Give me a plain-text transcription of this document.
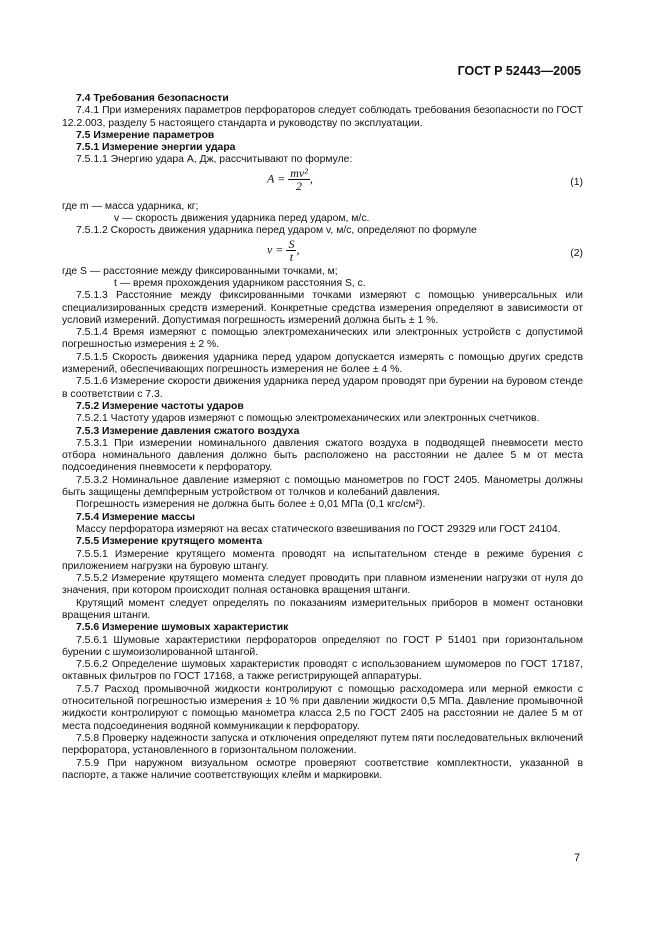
ГОСТ Р 52443—2005

7.4 Требования безопасности

7.4.1 При измерениях параметров перфораторов следует соблюдать требования безопасности по ГОСТ 12.2.003, разделу 5 настоящего стандарта и руководству по эксплуатации.

7.5 Измерение параметров

7.5.1 Измерение энергии удара

7.5.1.1 Энергию удара A, Дж, рассчитывают по формуле:

$A = \frac{\text{mv²}}{2}$ ,	(1)

где m — масса ударника, кг;

v — скорость движения ударника перед ударом, м/с.

7.5.1.2 Скорость движения ударника перед ударом v, м/с, определяют по формуле

$v = \frac{S}{t}$ ,	(2)

где S — расстояние между фиксированными точками, м;

t — время прохождения ударником расстояния S, с.

7.5.1.3 Расстояние между фиксированными точками измеряют с помощью универсальных или специализированных средств измерений. Конкретные средства измерения определяют в зависимости от условий измерений. Допустимая погрешность измерений должна быть ± 1 %.

7.5.1.4 Время измеряют с помощью электромеханических или электронных устройств с допустимой погрешностью измерения ± 2 %.

7.5.1.5 Скорость движения ударника перед ударом допускается измерять с помощью других средств измерений, обеспечивающих погрешность измерения не более ± 4 %.

7.5.1.6 Измерение скорости движения ударника перед ударом проводят при бурении на буровом стенде в соответствии с 7.3.

7.5.2 Измерение частоты ударов

7.5.2.1 Частоту ударов измеряют с помощью электромеханических или электронных счетчиков.

7.5.3 Измерение давления сжатого воздуха

7.5.3.1 При измерении номинального давления сжатого воздуха в подводящей пневмосети место отбора номинального давления должно быть расположено на расстоянии не далее 5 м от места подсоединения пневмосети к перфоратору.

7.5.3.2 Номинальное давление измеряют с помощью манометров по ГОСТ 2405. Манометры должны быть защищены демпферным устройством от толчков и колебаний давления.

Погрешность измерения не должна быть более ± 0,01 МПа (0,1 кгс/см²).

7.5.4 Измерение массы

Массу перфоратора измеряют на весах статического взвешивания по ГОСТ 29329 или ГОСТ 24104.

7.5.5 Измерение крутящего момента

7.5.5.1 Измерение крутящего момента проводят на испытательном стенде в режиме бурения с приложением нагрузки на буровую штангу.

7.5.5.2 Измерение крутящего момента следует проводить при плавном изменении нагрузки от нуля до значения, при котором происходит полная остановка вращения штанги.

Крутящий момент следует определять по показаниям измерительных приборов в момент остановки вращения штанги.

7.5.6 Измерение шумовых характеристик

7.5.6.1 Шумовые характеристики перфораторов определяют по ГОСТ Р 51401 при горизонтальном бурении с шумоизолированной штангой.

7.5.6.2 Определение шумовых характеристик проводят с использованием шумомеров по ГОСТ 17187, октавных фильтров по ГОСТ 17168, а также регистрирующей аппаратуры.

7.5.7 Расход промывочной жидкости контролируют с помощью расходомера или мерной емкости с относительной погрешностью измерения ± 10 % при давлении жидкости 0,5 МПа. Давление промывочной жидкости контролируют с помощью манометра класса 2,5 по ГОСТ 2405 на расстоянии не далее 5 м от места подсоединения водяной коммуникации к перфоратору.

7.5.8 Проверку надежности запуска и отключения определяют путем пяти последовательных включений перфоратора, установленного в горизонтальном положении.

7.5.9 При наружном визуальном осмотре проверяют соответствие комплектности, указанной в паспорте, а также наличие соответствующих клейм и маркировки.

7
